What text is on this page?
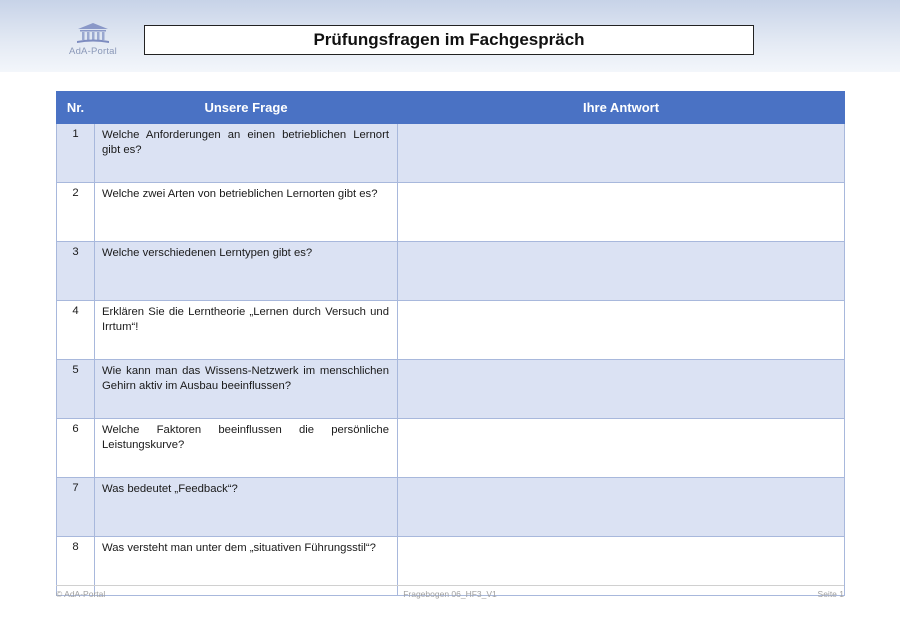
AdA-Portal
Prüfungsfragen im Fachgespräch
Nr.	Unsere Frage	Ihre Antwort
1	Welche Anforderungen an einen betrieblichen Lernort gibt es?	
2	Welche zwei Arten von betrieblichen Lernorten gibt es?	
3	Welche verschiedenen Lerntypen gibt es?	
4	Erklären Sie die Lerntheorie „Lernen durch Versuch und Irrtum“!	
5	Wie kann man das Wissens-Netzwerk im menschlichen Gehirn aktiv im Ausbau beeinflussen?	
6	Welche Faktoren beeinflussen die persönliche Leistungskurve?	
7	Was bedeutet „Feedback“?	
8	Was versteht man unter dem „situativen Führungsstil“?	
© AdA-Portal	Fragebogen 06_HF3_V1	Seite 1
